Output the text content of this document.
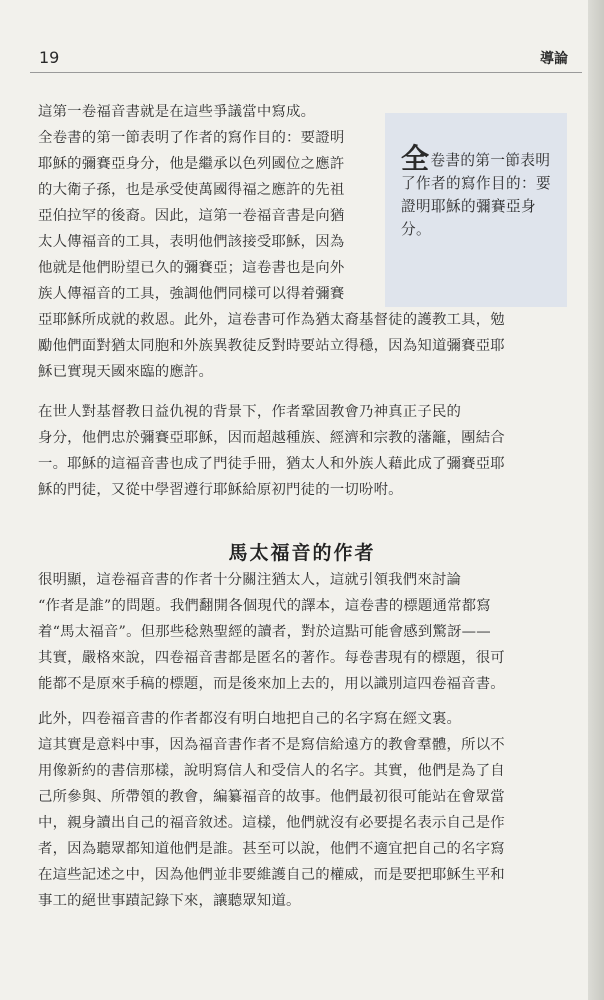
19	導論
全卷書的第一節表明了作者的寫作目的：要證明耶穌的彌賽亞身分。
這第一卷福音書就是在這些爭議當中寫成。
全卷書的第一節表明了作者的寫作目的：要證明
耶穌的彌賽亞身分，他是繼承以色列國位之應許
的大衛子孫，也是承受使萬國得福之應許的先祖
亞伯拉罕的後裔。因此，這第一卷福音書是向猶
太人傳福音的工具，表明他們該接受耶穌，因為
他就是他們盼望已久的彌賽亞；這卷書也是向外
族人傳福音的工具，強調他們同樣可以得着彌賽
亞耶穌所成就的救恩。此外，這卷書可作為猶太裔基督徒的護教工具，勉
勵他們面對猶太同胞和外族異教徒反對時要站立得穩，因為知道彌賽亞耶
穌已實現天國來臨的應許。
在世人對基督教日益仇視的背景下，作者鞏固教會乃神真正子民的
身分，他們忠於彌賽亞耶穌，因而超越種族、經濟和宗教的藩籬，團結合
一。耶穌的這福音書也成了門徒手冊，猶太人和外族人藉此成了彌賽亞耶
穌的門徒，又從中學習遵行耶穌給原初門徒的一切吩咐。
馬太福音的作者
很明顯，這卷福音書的作者十分關注猶太人，這就引領我們來討論
“作者是誰”的問題。我們翻開各個現代的譯本，這卷書的標題通常都寫
着“馬太福音”。但那些稔熟聖經的讀者，對於這點可能會感到驚訝——
其實，嚴格來說，四卷福音書都是匿名的著作。每卷書現有的標題，很可
能都不是原來手稿的標題，而是後來加上去的，用以識別這四卷福音書。
此外，四卷福音書的作者都沒有明白地把自己的名字寫在經文裏。
這其實是意料中事，因為福音書作者不是寫信給遠方的教會羣體，所以不
用像新約的書信那樣，說明寫信人和受信人的名字。其實，他們是為了自
己所參與、所帶領的教會，編纂福音的故事。他們最初很可能站在會眾當
中，親身讀出自己的福音敘述。這樣，他們就沒有必要提名表示自己是作
者，因為聽眾都知道他們是誰。甚至可以說，他們不適宜把自己的名字寫
在這些記述之中，因為他們並非要維護自己的權威，而是要把耶穌生平和
事工的絕世事蹟記錄下來，讓聽眾知道。
